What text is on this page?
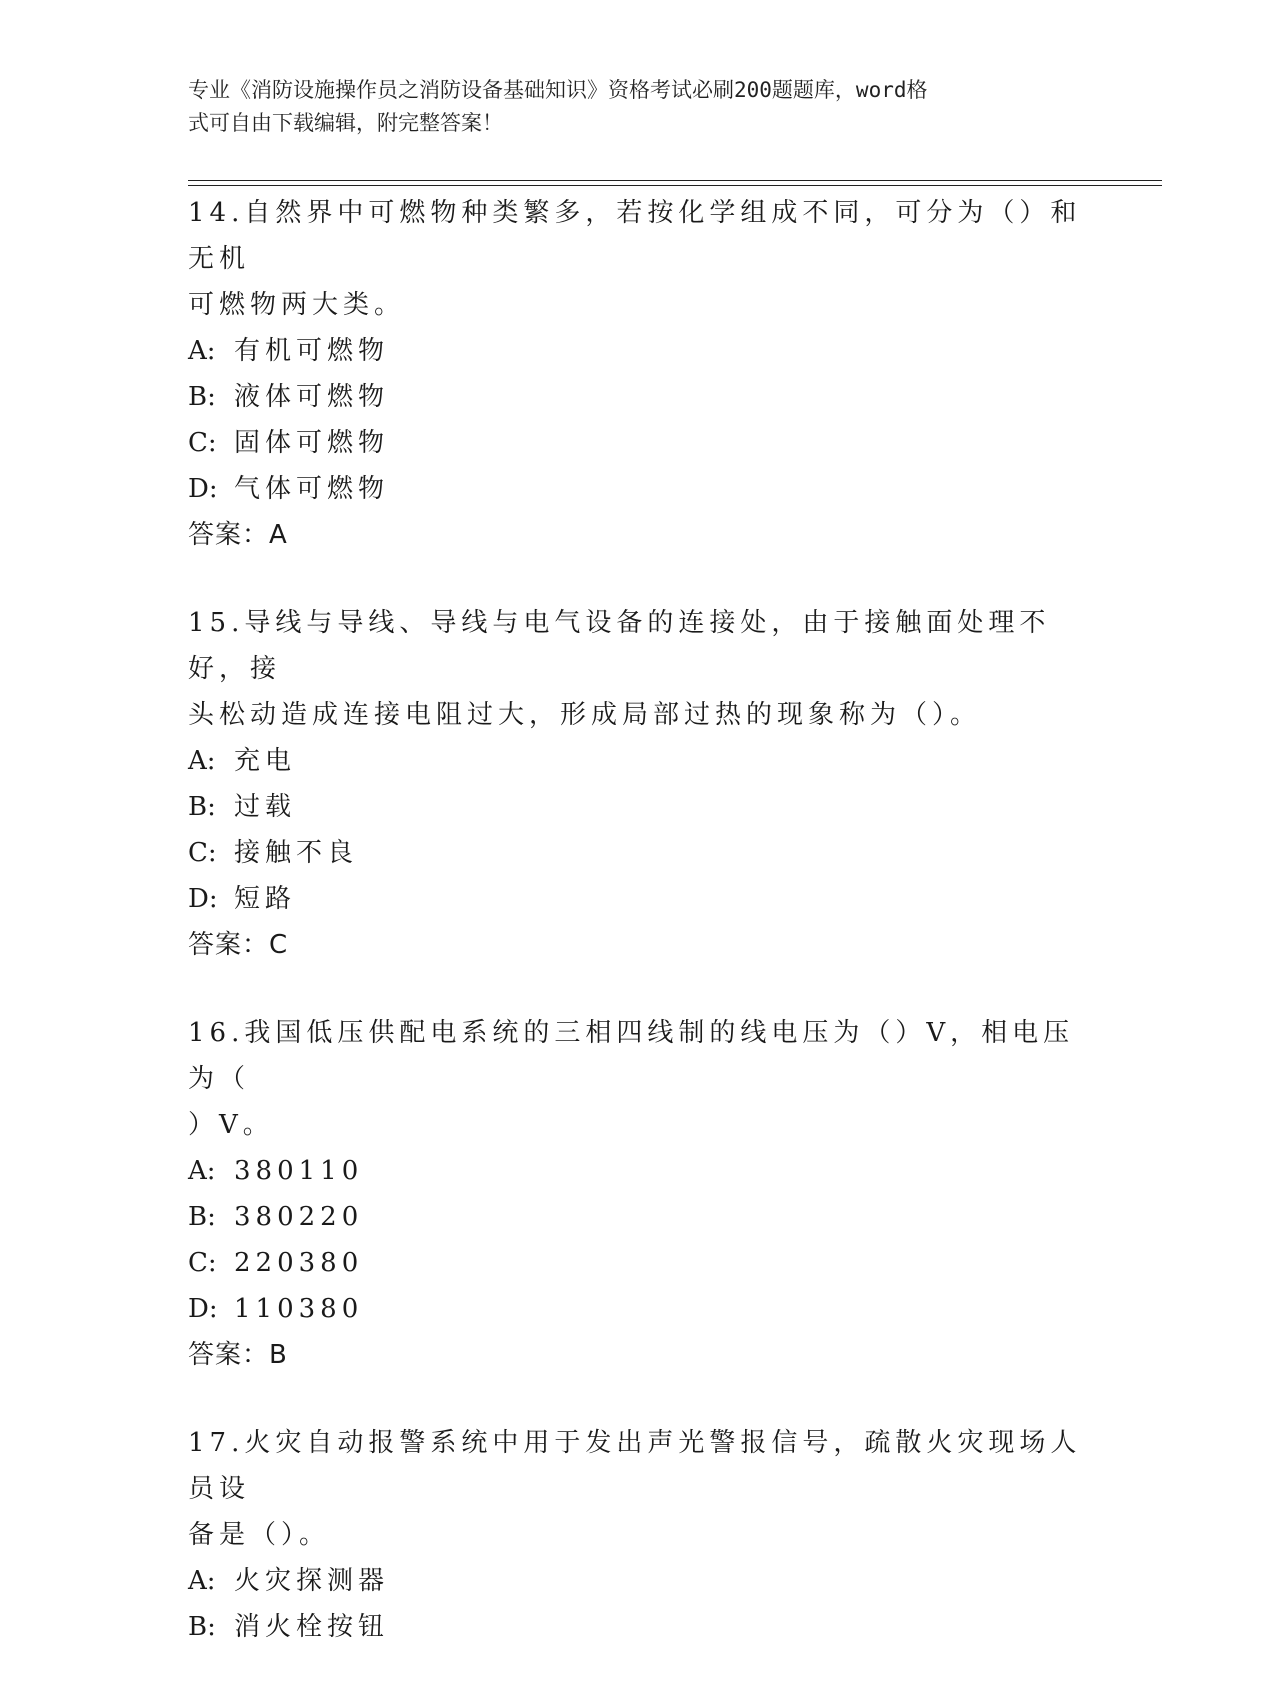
专业《消防设施操作员之消防设备基础知识》资格考试必刷200题题库，word格
式可自由下载编辑，附完整答案！
14.自然界中可燃物种类繁多，若按化学组成不同，可分为（）和无机
可燃物两大类。
A: 有机可燃物
B: 液体可燃物
C: 固体可燃物
D: 气体可燃物
答案：A
15.导线与导线、导线与电气设备的连接处，由于接触面处理不好，接
头松动造成连接电阻过大，形成局部过热的现象称为（）。
A: 充电
B: 过载
C: 接触不良
D: 短路
答案：C
16.我国低压供配电系统的三相四线制的线电压为（）V，相电压为（
）V。
A: 380110
B: 380220
C: 220380
D: 110380
答案：B
17.火灾自动报警系统中用于发出声光警报信号，疏散火灾现场人员设
备是（）。
A: 火灾探测器
B: 消火栓按钮
